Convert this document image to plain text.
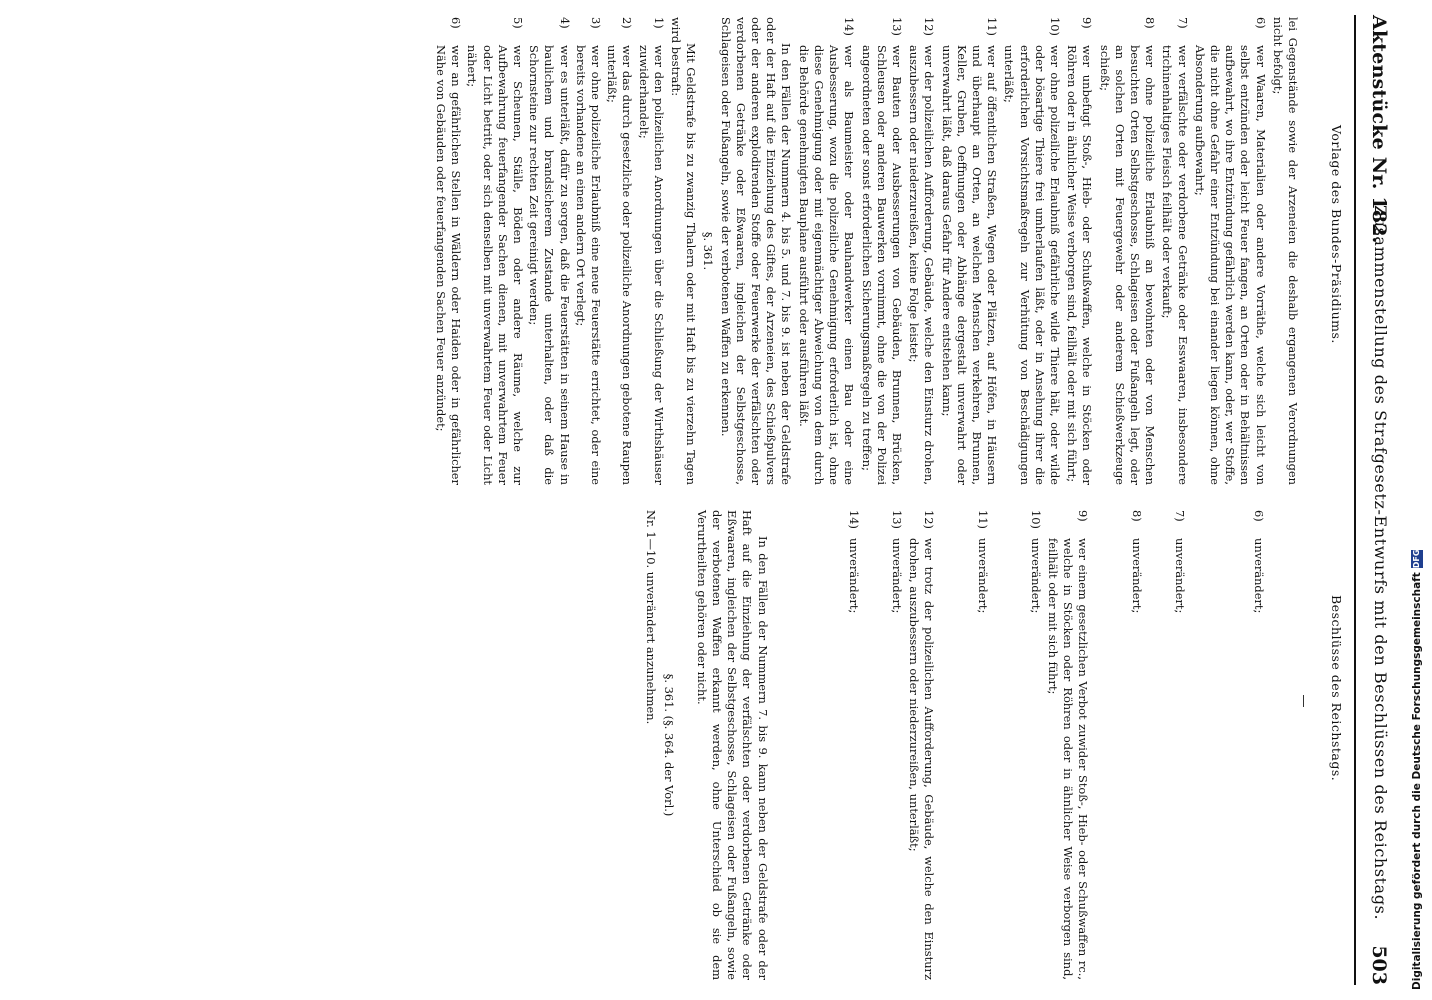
Aktenstücke Nr. 182.
Zusammenstellung des Strafgesetz-Entwurfs mit den Beschlüssen des Reichstags.
503
Vorlage des Bundes-Präsidiums.
Beschlüsse des Reichstags.
lei Gegenstände sowie der Arzeneien die deshalb ergangenen Verordnungen nicht befolgt;
6)
wer Waaren, Materialien oder andere Vorräthe, welche sich leicht von selbst entzünden oder leicht Feuer fangen, an Orten oder in Behältnissen aufbewahrt, wo ihre Entzündung gefährlich werden kann, oder, wer Stoffe, die nicht ohne Gefahr einer Entzündung bei einander liegen können, ohne Absonderung aufbewahrt;
7)
wer verfälschte oder verdorbene Getränke oder Esswaaren, insbesondere trichinenhaltiges Fleisch feilhält oder verkauft;
8)
wer ohne polizeiliche Erlaubniß an bewohnten oder von Menschen besuchten Orten Selbstgeschosse, Schlageisen oder Fußangeln legt, oder an solchen Orten mit Feuergewehr oder anderem Schießwerkzeuge schießt;
9)
wer unbefugt Stoß-, Hieb- oder Schußwaffen, welche in Stöcken oder Röhren oder in ähnlicher Weise verborgen sind, feilhält oder mit sich führt;
10)
wer ohne polizeiliche Erlaubniß gefährliche wilde Thiere hält, oder wilde oder bösartige Thiere frei umherlaufen läßt, oder in Ansehung ihrer die erforderlichen Vorsichtsmaßregeln zur Verhütung von Beschädigungen unterläßt;
11)
wer auf öffentlichen Straßen, Wegen oder Plätzen, auf Höfen, in Häusern und überhaupt an Orten, an welchen Menschen verkehren, Brunnen, Keller, Gruben, Oeffnungen oder Abhänge dergestalt unverwahrt oder unverwahrt läßt, daß daraus Gefahr für Andere entstehen kann;
12)
wer der polizeilichen Aufforderung, Gebäude, welche den Einsturz drohen, auszubessern oder niederzureißen, keine Folge leistet;
13)
wer Bauten oder Ausbesserungen von Gebäuden, Brunnen, Brücken, Schleusen oder anderen Bauwerken vornimmt, ohne die von der Polizei angeordneten oder sonst erforderlichen Sicherungsmaßregeln zu treffen;
14)
wer als Baumeister oder Bauhandwerker einen Bau oder eine Ausbesserung, wozu die polizeiliche Genehmigung erforderlich ist, ohne diese Genehmigung oder mit eigenmächtiger Abweichung von dem durch die Behörde genehmigten Bauplane ausführt oder ausführen läßt.
In den Fällen der Nummern 4. bis 5. und 7. bis 9. ist neben der Geldstrafe oder der Haft auf die Einziehung des Giftes, der Arzeneien, des Schießpulvers oder der anderen explodirenden Stoffe oder Feuerwerke der verfälschten oder verdorbenen Getränke oder Eßwaaren, ingleichen der Selbstgeschosse, Schlageisen oder Fußangeln, sowie der verbotenen Waffen zu erkennen.
§. 361.
Mit Geldstrafe bis zu zwanzig Thalern oder mit Haft bis zu vierzehn Tagen wird bestraft:
1)
wer den polizeilichen Anordnungen über die Schließung der Wirthshäuser zuwiderhandelt;
2)
wer das durch gesetzliche oder polizeiliche Anordnungen gebotene Raupen unterläßt;
3)
wer ohne polizeiliche Erlaubniß eine neue Feuerstätte errichtet, oder eine bereits vorhandene an einen andern Ort verlegt;
4)
wer es unterläßt, dafür zu sorgen, daß die Feuerstätten in seinem Hause in baulichem und brandsicherem Zustande unterhalten, oder daß die Schornsteine zur rechten Zeit gereinigt werden;
5)
wer Scheunen, Ställe, Böden oder andere Räume, welche zur Aufbewahrung feuerfangender Sachen dienen, mit unverwahrtem Feuer oder Licht betritt, oder sich denselben mit unverwahrtem Feuer oder Licht nähert;
6)
wer an gefährlichen Stellen in Wäldern oder Haiden oder in gefährlicher Nähe von Gebäuden oder feuerfangenden Sachen Feuer anzündet;
6)
unverändert;
7)
unverändert;
8)
unverändert;
9)
wer einem gesetzlichen Verbot zuwider Stoß-, Hieb- oder Schußwaffen rc., welche in Stöcken oder Röhren oder in ähnlicher Weise verborgen sind, feilhält oder mit sich führt;
10)
unverändert;
11)
unverändert;
12)
wer trotz der polizeilichen Aufforderung, Gebäude, welche den Einsturz drohen, auszubessern oder niederzureißen, unterläßt;
13)
unverändert;
14)
unverändert;
In den Fällen der Nummern 7. bis 9. kann neben der Geldstrafe oder der Haft auf die Einziehung der verfälschten oder verdorbenen Getränke oder Eßwaaren, ingleichen der Selbstgeschosse, Schlageisen oder Fußangeln, sowie der verbotenen Waffen erkannt werden, ohne Unterschied ob sie dem Verurtheilten gehören oder nicht.
§. 361. (§. 364. der Vorl.)
Nr. 1—10. unverändert anzunehmen.	Digitalisierung gefördert durch die Deutsche Forschungsgemeinschaft
DFG
